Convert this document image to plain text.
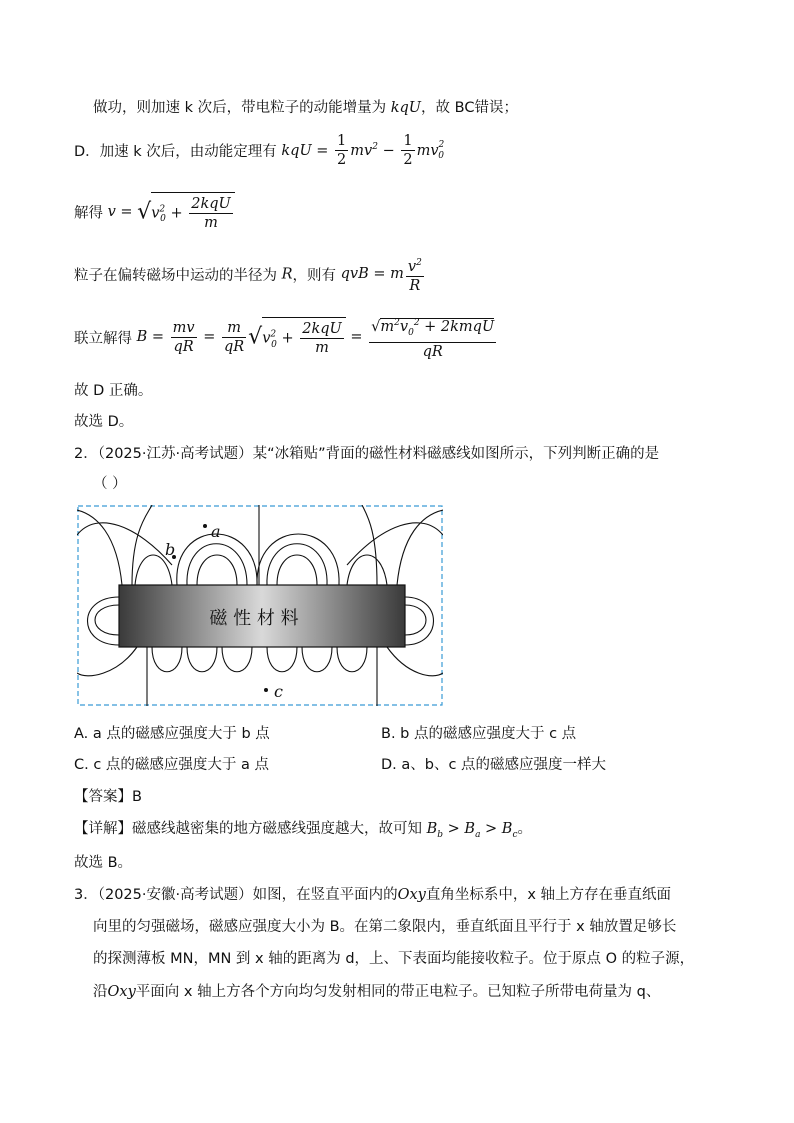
做功，则加速 k 次后，带电粒子的动能增量为 kqU，故 BC错误；
D．加速 k 次后，由动能定理有 kqU = $\frac{1}{2} mv^2 - \frac{1}{2} mv^2_0$
解得 $v = √v^2_0 + \frac{\text{2kqU}}{m}$
粒子在偏转磁场中运动的半径为 R，则有 qvB = m $\frac{v^2}{R}$
联立解得 $B = \frac{mv}{qR} = \frac{m}{qR} √v^2_0 + \frac{\text{2kqU}}{m} = \frac{√m^2v_0^2 + 2kmqU}{qR}$
故 D 正确。
故选 D。
2．（2025·江苏·高考试题）某“冰箱贴”背面的磁性材料磁感线如图所示，下列判断正确的是
（ ）
磁 性 材 料
a
b
c
A. a 点的磁感应强度大于 b 点	B. b 点的磁感应强度大于 c 点
C. c 点的磁感应强度大于 a 点	D. a、b、c 点的磁感应强度一样大
【答案】B
【详解】磁感线越密集的地方磁感线强度越大，故可知 $B_b > B_a > B_c$。
故选 B。
3．（2025·安徽·高考试题）如图，在竖直平面内的Oxy直角坐标系中，x 轴上方存在垂直纸面
向里的匀强磁场，磁感应强度大小为 B。在第二象限内，垂直纸面且平行于 x 轴放置足够长
的探测薄板 MN，MN 到 x 轴的距离为 d，上、下表面均能接收粒子。位于原点 O 的粒子源，
沿Oxy平面向 x 轴上方各个方向均匀发射相同的带正电粒子。已知粒子所带电荷量为 q、
